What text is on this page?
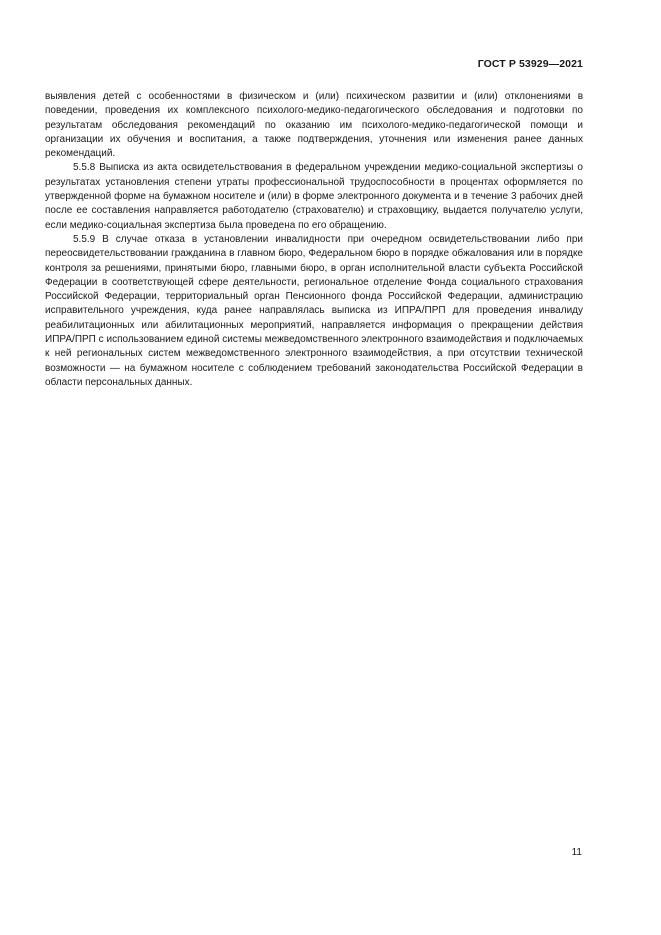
ГОСТ Р 53929—2021

выявления детей с особенностями в физическом и (или) психическом развитии и (или) отклонениями в поведении, проведения их комплексного психолого-медико-педагогического обследования и подготовки по результатам обследования рекомендаций по оказанию им психолого-медико-педагогической помощи и организации их обучения и воспитания, а также подтверждения, уточнения или изменения ранее данных рекомендаций.

5.5.8 Выписка из акта освидетельствования в федеральном учреждении медико-социальной экспертизы о результатах установления степени утраты профессиональной трудоспособности в процентах оформляется по утвержденной форме на бумажном носителе и (или) в форме электронного документа и в течение 3 рабочих дней после ее составления направляется работодателю (страхователю) и страховщику, выдается получателю услуги, если медико-социальная экспертиза была проведена по его обращению.

5.5.9 В случае отказа в установлении инвалидности при очередном освидетельствовании либо при переосвидетельствовании гражданина в главном бюро, Федеральном бюро в порядке обжалования или в порядке контроля за решениями, принятыми бюро, главными бюро, в орган исполнительной власти субъекта Российской Федерации в соответствующей сфере деятельности, региональное отделение Фонда социального страхования Российской Федерации, территориальный орган Пенсионного фонда Российской Федерации, администрацию исправительного учреждения, куда ранее направлялась выписка из ИПРА/ПРП для проведения инвалиду реабилитационных или абилитационных мероприятий, направляется информация о прекращении действия ИПРА/ПРП с использованием единой системы межведомственного электронного взаимодействия и подключаемых к ней региональных систем межведомственного электронного взаимодействия, а при отсутствии технической возможности — на бумажном носителе с соблюдением требований законодательства Российской Федерации в области персональных данных.

11
